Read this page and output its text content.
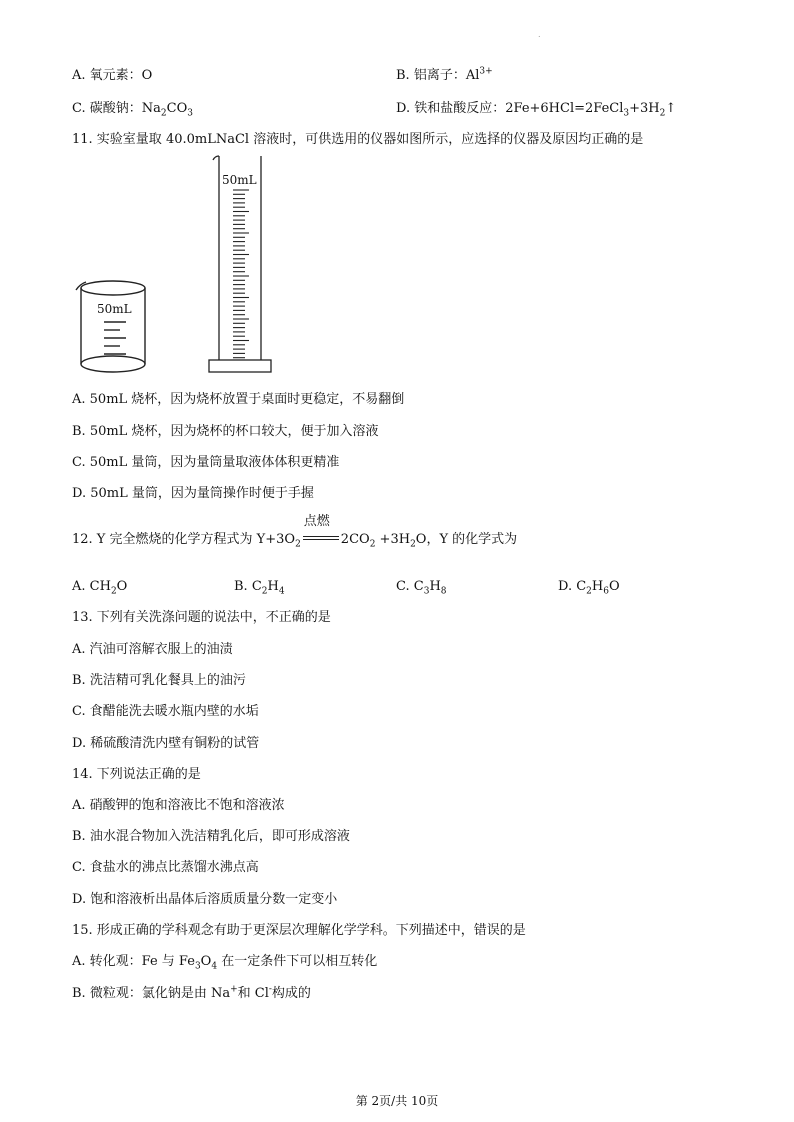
.
A. 氧元素：O	B. 铝离子：$Al^{3+}$
C. 碳酸钠：$Na_2CO_3$	D. 铁和盐酸反应：$2Fe+6HCl=2FeCl_3+3H_2↑$
11. 实验室量取 40.0mLNaCl 溶液时，可供选用的仪器如图所示，应选择的仪器及原因均正确的是
50mL
50mL
A. 50mL 烧杯，因为烧杯放置于桌面时更稳定，不易翻倒
B. 50mL 烧杯，因为烧杯的杯口较大，便于加入溶液
C. 50mL 量筒，因为量筒量取液体体积更精准
D. 50mL 量筒，因为量筒操作时便于手握
12. Y 完全燃烧的化学方程式为 $Y+3O_2$
点燃
$2CO_2 +3H_2O$，Y 的化学式为
A. $CH_2O$	B. $C_2H_4$	C. $C_3H_8$	D. $C_2H_6O$
13. 下列有关洗涤问题的说法中，不正确的是
A. 汽油可溶解衣服上的油渍
B. 洗洁精可乳化餐具上的油污
C. 食醋能洗去暖水瓶内壁的水垢
D. 稀硫酸清洗内壁有铜粉的试管
14. 下列说法正确的是
A. 硝酸钾的饱和溶液比不饱和溶液浓
B. 油水混合物加入洗洁精乳化后，即可形成溶液
C. 食盐水的沸点比蒸馏水沸点高
D. 饱和溶液析出晶体后溶质质量分数一定变小
15. 形成正确的学科观念有助于更深层次理解化学学科。下列描述中，错误的是
A. 转化观：Fe 与 $Fe_3O_4$ 在一定条件下可以相互转化
B. 微粒观：氯化钠是由 Na+和 Cl-构成的
第 2页/共 10页
